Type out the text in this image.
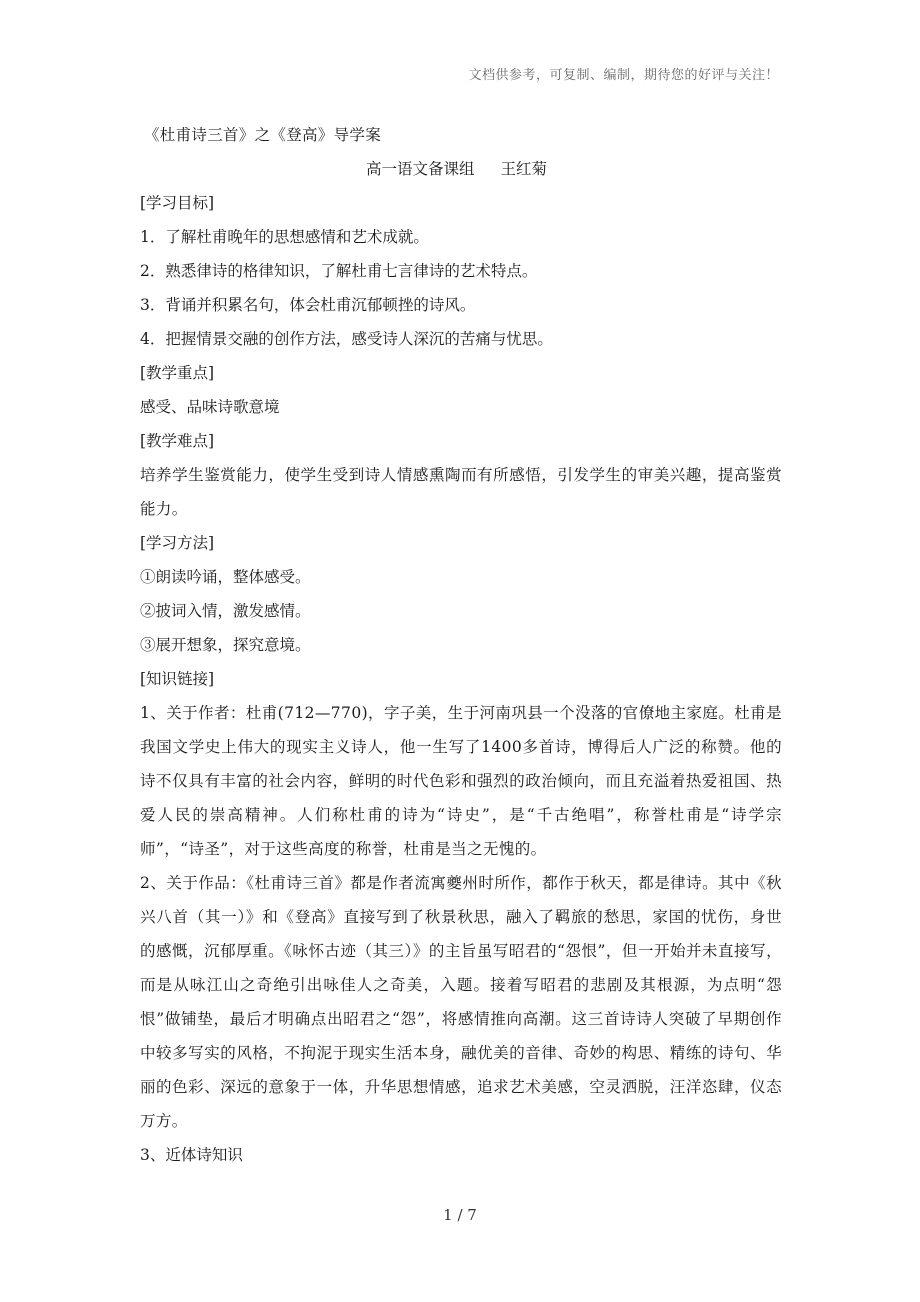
文档供参考，可复制、编制，期待您的好评与关注！

《杜甫诗三首》之《登高》导学案

高一语文备课组 王红菊

[学习目标]

1．了解杜甫晚年的思想感情和艺术成就。

2．熟悉律诗的格律知识，了解杜甫七言律诗的艺术特点。

3．背诵并积累名句，体会杜甫沉郁顿挫的诗风。

4．把握情景交融的创作方法，感受诗人深沉的苦痛与忧思。

[教学重点]

感受、品味诗歌意境

[教学难点]

培养学生鉴赏能力，使学生受到诗人情感熏陶而有所感悟，引发学生的审美兴趣，提高鉴赏能力。

[学习方法]

①朗读吟诵，整体感受。

②披词入情，激发感情。

③展开想象，探究意境。

[知识链接]

1、关于作者：杜甫(712—770)，字子美，生于河南巩县一个没落的官僚地主家庭。杜甫是我国文学史上伟大的现实主义诗人，他一生写了1400多首诗，博得后人广泛的称赞。他的诗不仅具有丰富的社会内容，鲜明的时代色彩和强烈的政治倾向，而且充溢着热爱祖国、热爱人民的崇高精神。人们称杜甫的诗为“诗史”，是“千古绝唱”，称誉杜甫是“诗学宗师”，“诗圣”，对于这些高度的称誉，杜甫是当之无愧的。

2、关于作品：《杜甫诗三首》都是作者流寓夔州时所作，都作于秋天，都是律诗。其中《秋兴八首（其一）》和《登高》直接写到了秋景秋思，融入了羁旅的愁思，家国的忧伤，身世的感慨，沉郁厚重。《咏怀古迹（其三）》的主旨虽写昭君的“怨恨”，但一开始并未直接写，而是从咏江山之奇绝引出咏佳人之奇美，入题。接着写昭君的悲剧及其根源，为点明“怨恨”做铺垫，最后才明确点出昭君之“怨”，将感情推向高潮。这三首诗诗人突破了早期创作中较多写实的风格，不拘泥于现实生活本身，融优美的音律、奇妙的构思、精练的诗句、华丽的色彩、深远的意象于一体，升华思想情感，追求艺术美感，空灵洒脱，汪洋恣肆，仪态万方。

3、近体诗知识

1 / 7
